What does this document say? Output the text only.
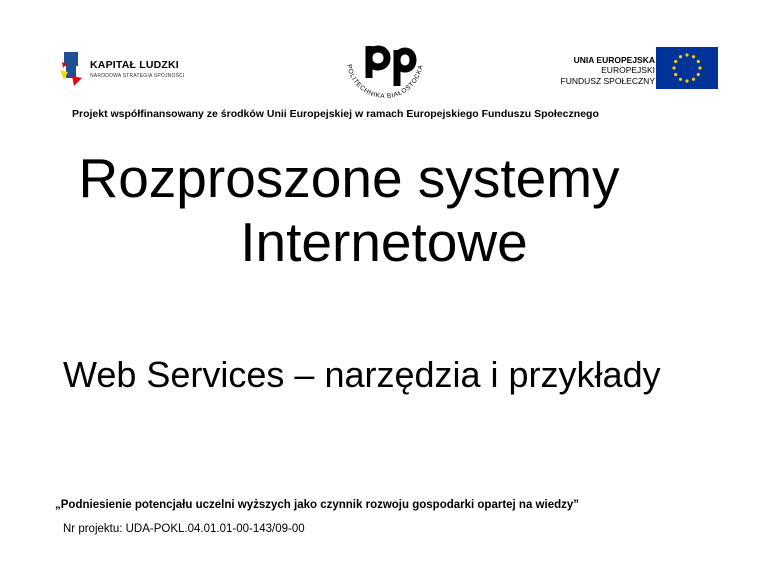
KAPITAŁ LUDZKI
NARODOWA STRATEGIA SPÓJNOŚCI
POLITECHNIKA BIAŁOSTOCKA
UNIA EUROPEJSKA
EUROPEJSKI
FUNDUSZ SPOŁECZNY
Projekt współfinansowany ze środków Unii Europejskiej w ramach Europejskiego Funduszu Społecznego
Rozproszone systemy
Internetowe
Web Services – narzędzia i przykłady
„Podniesienie potencjału uczelni wyższych jako czynnik rozwoju gospodarki opartej na wiedzy”
Nr projektu: UDA-POKL.04.01.01-00-143/09-00
